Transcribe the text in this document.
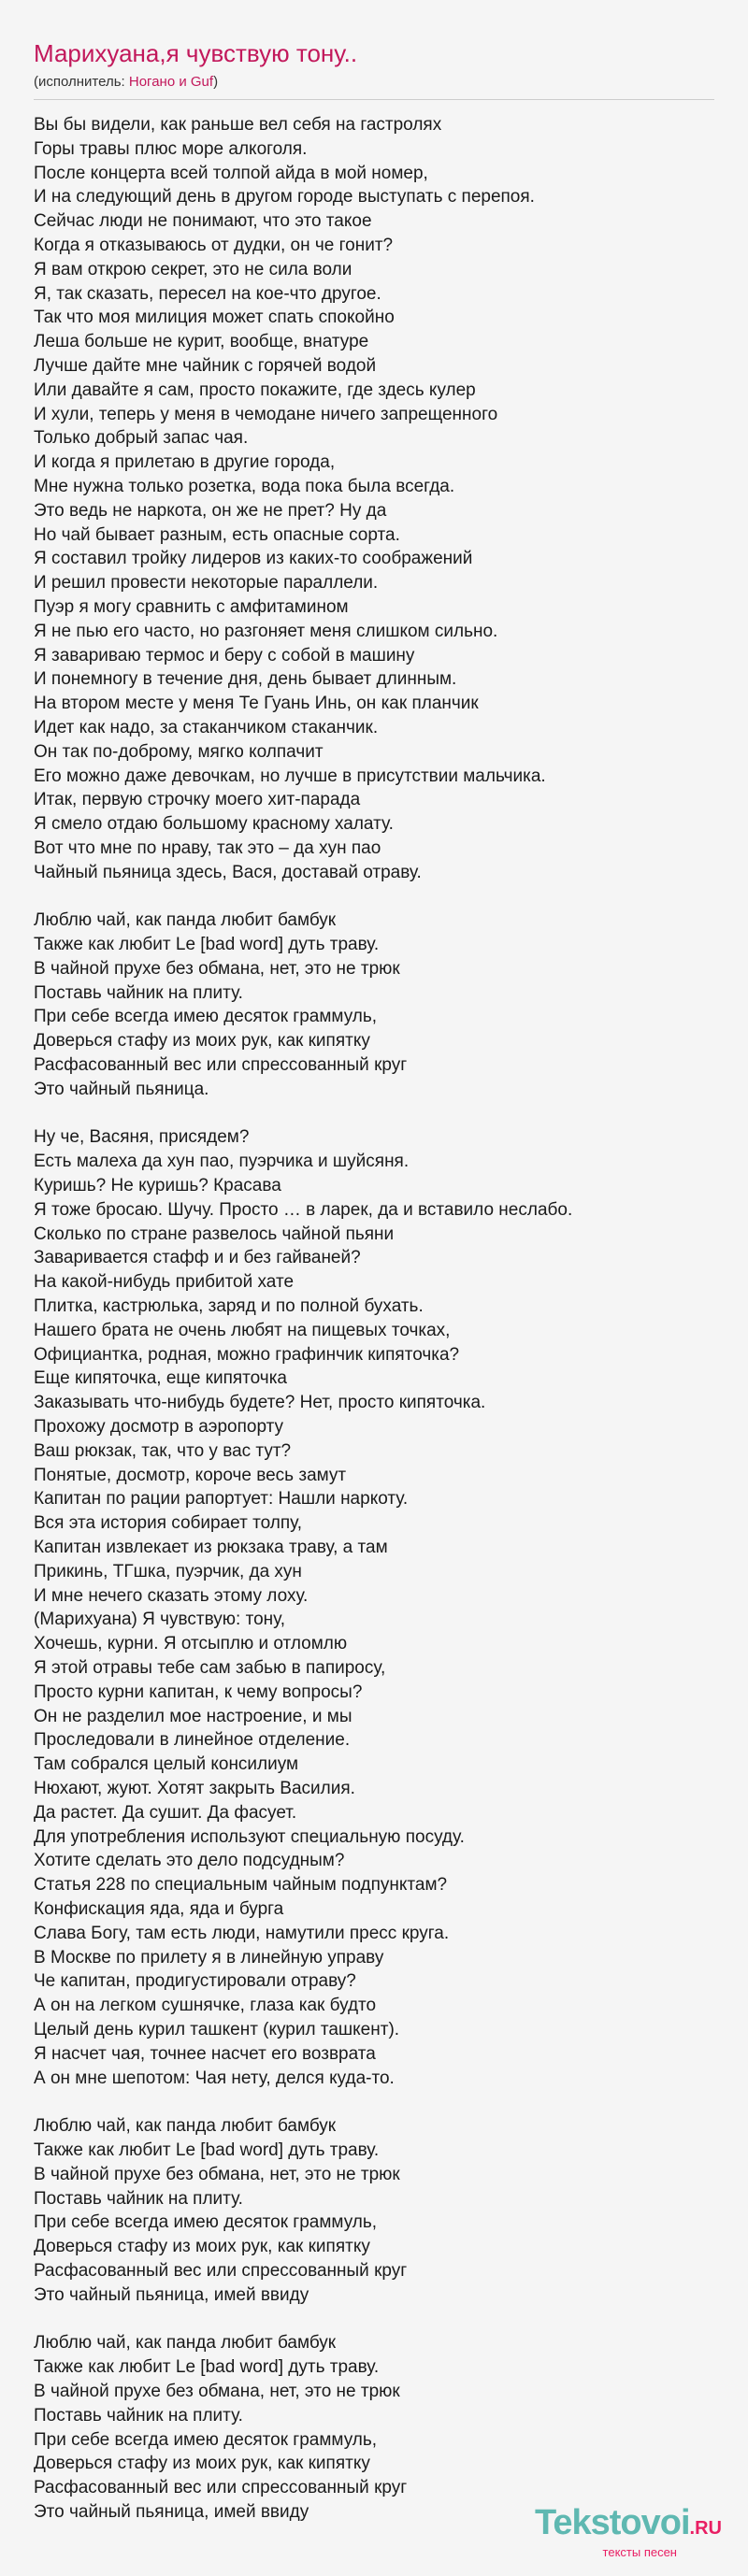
Марихуана,я чувствую тону..
(исполнитель: Ногано и Guf)
Вы бы видели, как раньше вел себя на гастролях
Горы травы плюс море алкоголя.
После концерта всей толпой айда в мой номер,
И на следующий день в другом городе выступать с перепоя.
Сейчас люди не понимают, что это такое
Когда я отказываюсь от дудки, он че гонит?
Я вам открою секрет, это не сила воли
Я, так сказать, пересел на кое-что другое.
Так что моя милиция может спать спокойно
Леша больше не курит, вообще, внатуре
Лучше дайте мне чайник с горячей водой
Или давайте я сам, просто покажите, где здесь кулер
И хули, теперь у меня в чемодане ничего запрещенного
Только добрый запас чая.
И когда я прилетаю в другие города,
Мне нужна только розетка, вода пока была всегда.
Это ведь не наркота, он же не прет? Ну да
Но чай бывает разным, есть опасные сорта.
Я составил тройку лидеров из каких-то соображений
И решил провести некоторые параллели.
Пуэр я могу сравнить с амфитамином
Я не пью его часто, но разгоняет меня слишком сильно.
Я завариваю термос и беру с собой в машину
И понемногу в течение дня, день бывает длинным.
На втором месте у меня Те Гуань Инь, он как планчик
Идет как надо, за стаканчиком стаканчик.
Он так по-доброму, мягко колпачит
Его можно даже девочкам, но лучше в присутствии мальчика.
Итак, первую строчку моего хит-парада
Я смело отдаю большому красному халату.
Вот что мне по нраву, так это – да хун пао
Чайный пьяница здесь, Вася, доставай отраву.
Люблю чай, как панда любит бамбук
Также как любит Le [bad word] дуть траву.
В чайной прухе без обмана, нет, это не трюк
Поставь чайник на плиту.
При себе всегда имею десяток граммуль,
Доверься стафу из моих рук, как кипятку
Расфасованный вес или спрессованный круг
Это чайный пьяница.
Ну че, Васяня, присядем?
Есть малеха да хун пао, пуэрчика и шуйсяня.
Куришь? Не куришь? Красава
Я тоже бросаю. Шучу. Просто … в ларек, да и вставило неслабо.
Сколько по стране развелось чайной пьяни
Заваривается стафф и и без гайваней?
На какой-нибудь прибитой хате
Плитка, кастрюлька, заряд и по полной бухать.
Нашего брата не очень любят на пищевых точках,
Официантка, родная, можно графинчик кипяточка?
Еще кипяточка, еще кипяточка
Заказывать что-нибудь будете? Нет, просто кипяточка.
Прохожу досмотр в аэропорту
Ваш рюкзак, так, что у вас тут?
Понятые, досмотр, короче весь замут
Капитан по рации рапортует: Нашли наркоту.
Вся эта история собирает толпу,
Капитан извлекает из рюкзака траву, а там
Прикинь, ТГшка, пуэрчик, да хун
И мне нечего сказать этому лоху.
(Марихуана) Я чувствую: тону,
Хочешь, курни. Я отсыплю и отломлю
Я этой отравы тебе сам забью в папиросу,
Просто курни капитан, к чему вопросы?
Он не разделил мое настроение, и мы
Проследовали в линейное отделение.
Там собрался целый консилиум
Нюхают, жуют. Хотят закрыть Василия.
Да растет. Да сушит. Да фасует.
Для употребления используют специальную посуду.
Хотите сделать это дело подсудным?
Статья 228 по специальным чайным подпунктам?
Конфискация яда, яда и бурга
Слава Богу, там есть люди, намутили пресс круга.
В Москве по прилету я в линейную управу
Че капитан, продигустировали отраву?
А он на легком сушнячке, глаза как будто
Целый день курил ташкент (курил ташкент).
Я насчет чая, точнее насчет его возврата
А он мне шепотом: Чая нету, делся куда-то.
Люблю чай, как панда любит бамбук
Также как любит Le [bad word] дуть траву.
В чайной прухе без обмана, нет, это не трюк
Поставь чайник на плиту.
При себе всегда имею десяток граммуль,
Доверься стафу из моих рук, как кипятку
Расфасованный вес или спрессованный круг
Это чайный пьяница, имей ввиду
Люблю чай, как панда любит бамбук
Также как любит Le [bad word] дуть траву.
В чайной прухе без обмана, нет, это не трюк
Поставь чайник на плиту.
При себе всегда имею десяток граммуль,
Доверься стафу из моих рук, как кипятку
Расфасованный вес или спрессованный круг
Это чайный пьяница, имей ввиду	Tekstovoi.RU
тексты песен
